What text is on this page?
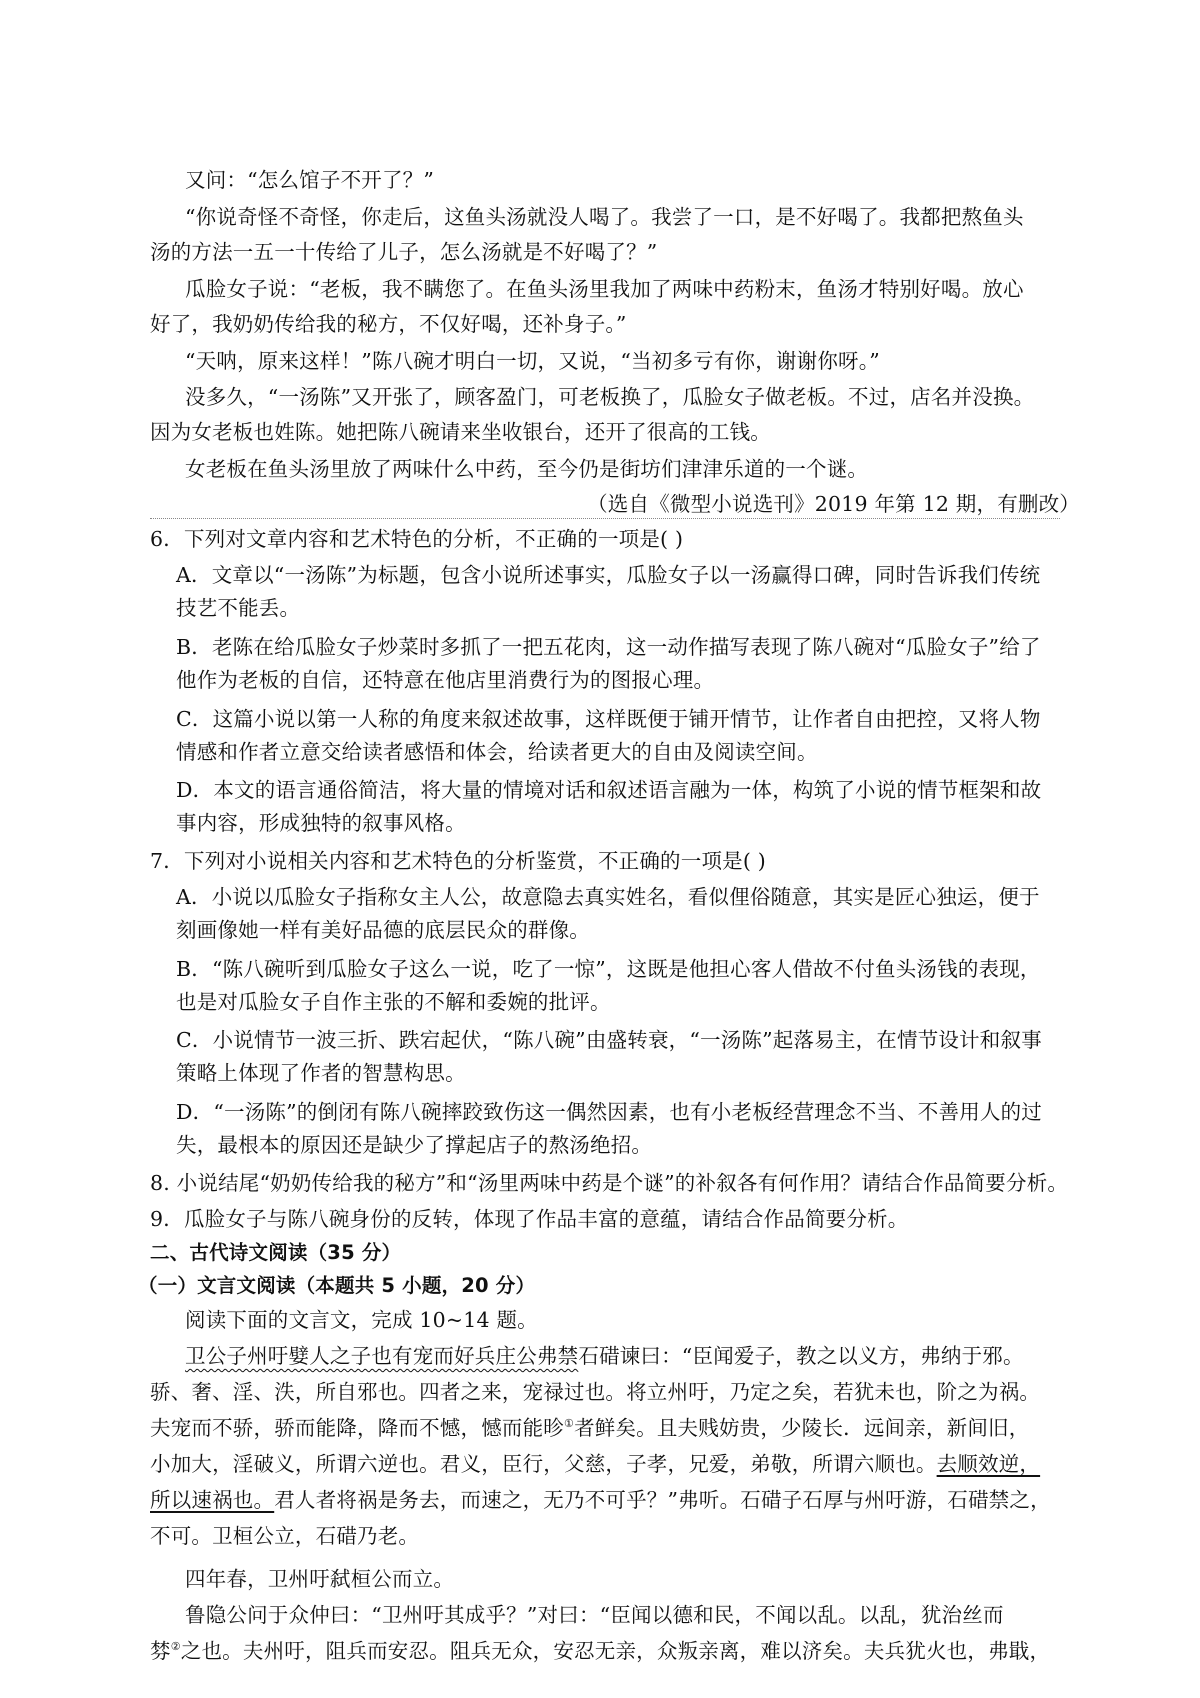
又问：“怎么馆子不开了？”
“你说奇怪不奇怪，你走后，这鱼头汤就没人喝了。我尝了一口，是不好喝了。我都把熬鱼头
汤的方法一五一十传给了儿子，怎么汤就是不好喝了？”
瓜脸女子说：“老板，我不瞒您了。在鱼头汤里我加了两味中药粉末，鱼汤才特别好喝。放心
好了，我奶奶传给我的秘方，不仅好喝，还补身子。”
“天呐，原来这样！”陈八碗才明白一切，又说，“当初多亏有你，谢谢你呀。”
没多久，“一汤陈”又开张了，顾客盈门，可老板换了，瓜脸女子做老板。不过，店名并没换。
因为女老板也姓陈。她把陈八碗请来坐收银台，还开了很高的工钱。
女老板在鱼头汤里放了两味什么中药，至今仍是街坊们津津乐道的一个谜。
（选自《微型小说选刊》2019 年第 12 期，有删改）
6．下列对文章内容和艺术特色的分析，不正确的一项是( )
A．文章以“一汤陈”为标题，包含小说所述事实，瓜脸女子以一汤赢得口碑，同时告诉我们传统
技艺不能丢。
B．老陈在给瓜脸女子炒菜时多抓了一把五花肉，这一动作描写表现了陈八碗对“瓜脸女子”给了
他作为老板的自信，还特意在他店里消费行为的图报心理。
C．这篇小说以第一人称的角度来叙述故事，这样既便于铺开情节，让作者自由把控，又将人物
情感和作者立意交给读者感悟和体会，给读者更大的自由及阅读空间。
D．本文的语言通俗简洁，将大量的情境对话和叙述语言融为一体，构筑了小说的情节框架和故
事内容，形成独特的叙事风格。
7．下列对小说相关内容和艺术特色的分析鉴赏，不正确的一项是( )
A．小说以瓜脸女子指称女主人公，故意隐去真实姓名，看似俚俗随意，其实是匠心独运，便于
刻画像她一样有美好品德的底层民众的群像。
B．“陈八碗听到瓜脸女子这么一说，吃了一惊”，这既是他担心客人借故不付鱼头汤钱的表现，
也是对瓜脸女子自作主张的不解和委婉的批评。
C．小说情节一波三折、跌宕起伏，“陈八碗”由盛转衰，“一汤陈”起落易主，在情节设计和叙事
策略上体现了作者的智慧构思。
D．“一汤陈”的倒闭有陈八碗摔跤致伤这一偶然因素，也有小老板经营理念不当、不善用人的过
失，最根本的原因还是缺少了撑起店子的熬汤绝招。
8. 小说结尾“奶奶传给我的秘方”和“汤里两味中药是个谜”的补叙各有何作用？请结合作品简要分析。
9．瓜脸女子与陈八碗身份的反转，体现了作品丰富的意蕴，请结合作品简要分析。
二、古代诗文阅读（35 分）
（一）文言文阅读（本题共 5 小题，20 分）
阅读下面的文言文，完成 10~14 题。
卫公子州吁嬖人之子也有宠而好兵庄公弗禁石碏谏曰：“臣闻爱子，教之以义方，弗纳于邪。
骄、奢、淫、泆，所自邪也。四者之来，宠禄过也。将立州吁，乃定之矣，若犹未也，阶之为祸。
夫宠而不骄，骄而能降，降而不憾，憾而能昣①者鲜矣。且夫贱妨贵，少陵长．远间亲，新间旧，
小加大，淫破义，所谓六逆也。君义，臣行，父慈，子孝，兄爱，弟敬，所谓六顺也。去顺效逆，
所以速祸也。君人者将祸是务去，而速之，无乃不可乎？”弗听。石碏子石厚与州吁游，石碏禁之，
不可。卫桓公立，石碏乃老。
四年春，卫州吁弑桓公而立。
鲁隐公问于众仲曰：“卫州吁其成乎？”对曰：“臣闻以德和民，不闻以乱。以乱，犹治丝而
棼②之也。夫州吁，阻兵而安忍。阻兵无众，安忍无亲，众叛亲离，难以济矣。夫兵犹火也，弗戢，
